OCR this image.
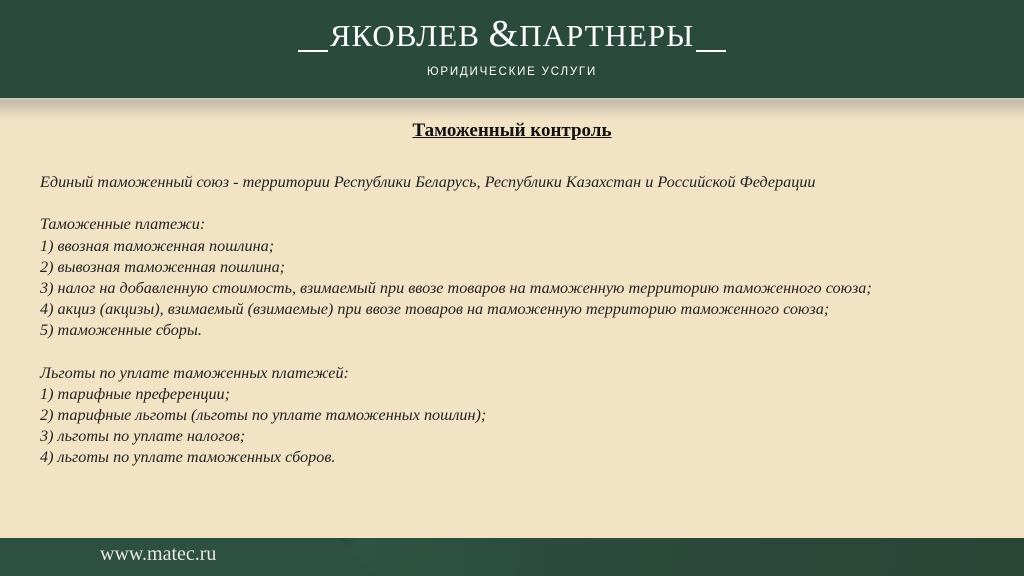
ЯКОВЛЕВ &ПАРТНЕРЫ
ЮРИДИЧЕСКИЕ УСЛУГИ
Таможенный контроль
Единый таможенный союз - территории Республики Беларусь, Республики Казахстан и Российской Федерации
Таможенные платежи:
1) ввозная таможенная пошлина;
2) вывозная таможенная пошлина;
3) налог на добавленную стоимость, взимаемый при ввозе товаров на таможенную территорию таможенного союза;
4) акциз (акцизы), взимаемый (взимаемые) при ввозе товаров на таможенную территорию таможенного союза;
5) таможенные сборы.
Льготы по уплате таможенных платежей:
1) тарифные преференции;
2) тарифные льготы (льготы по уплате таможенных пошлин);
3) льготы по уплате налогов;
4) льготы по уплате таможенных сборов.
www.matec.ru
